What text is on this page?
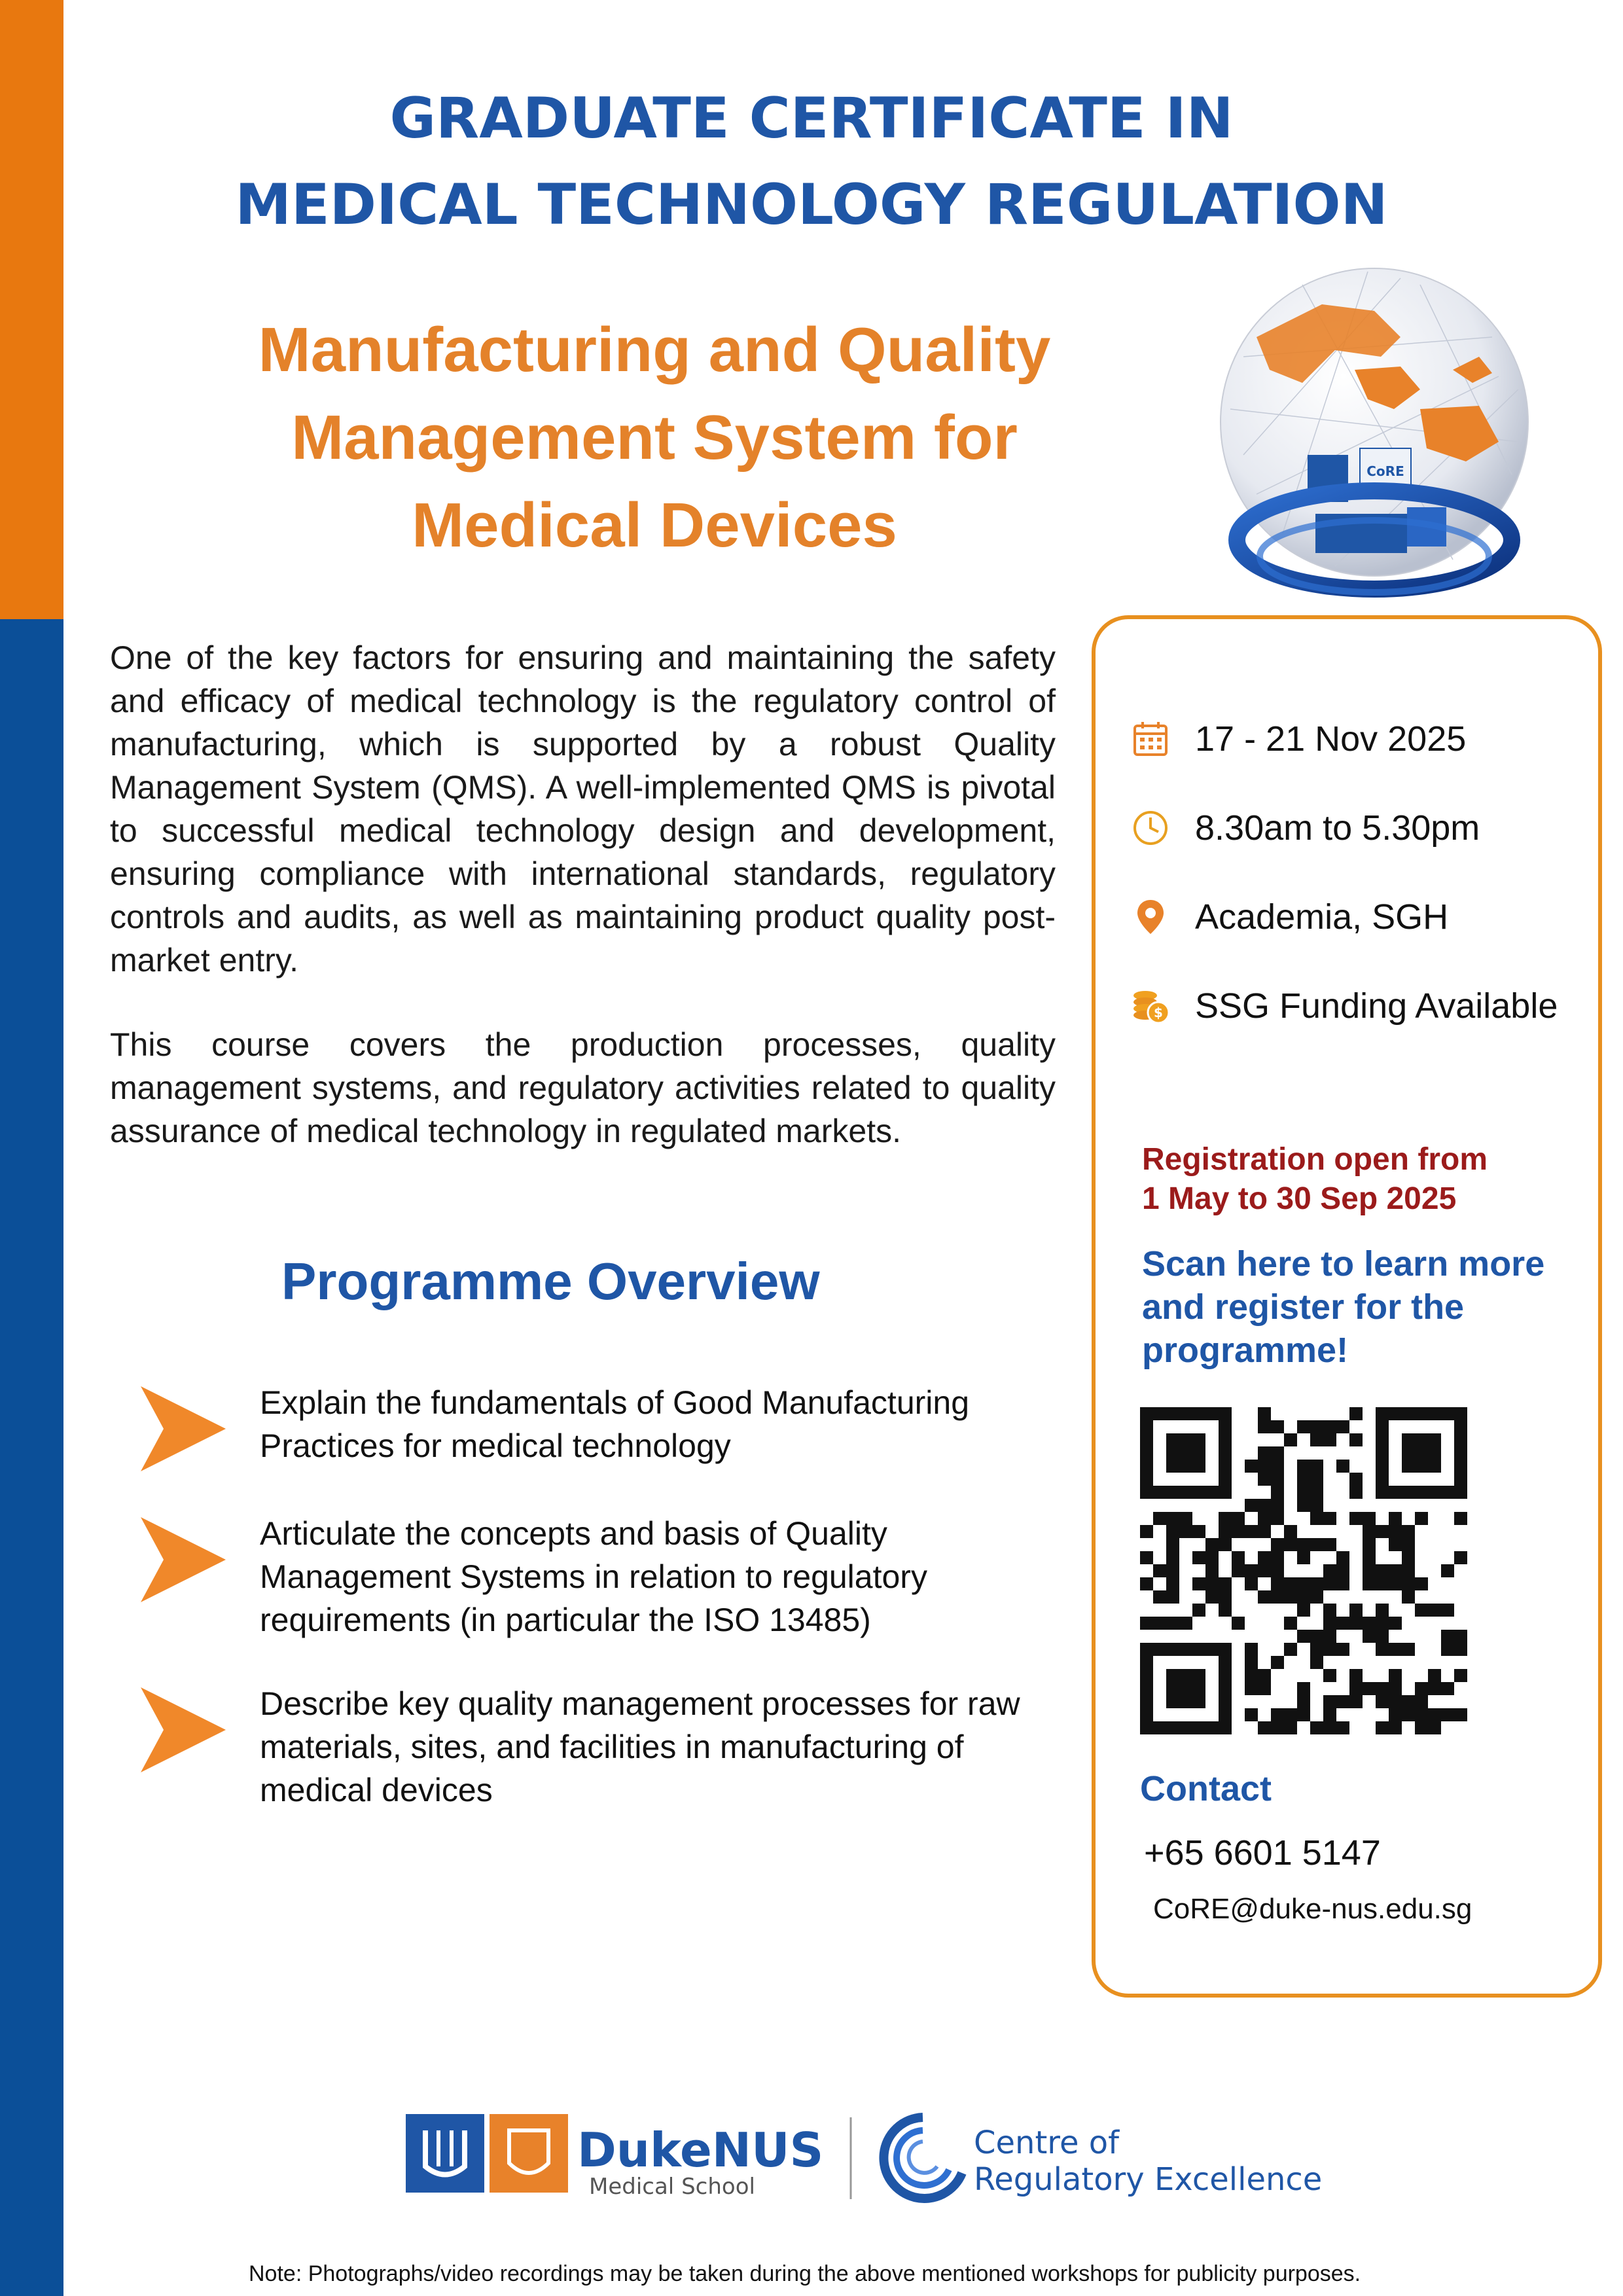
GRADUATE CERTIFICATE IN
MEDICAL TECHNOLOGY REGULATION
Manufacturing and Quality
Management System for
Medical Devices	DukeNUS
CoRE

One of the key factors for ensuring and maintaining the safety and efficacy of medical technology is the regulatory control of manufacturing, which is supported by a robust Quality Management System (QMS). A well-implemented QMS is pivotal to successful medical technology design and development, ensuring compliance with international standards, regulatory controls and audits, as well as maintaining product quality post-market entry.

This course covers the production processes, quality management systems, and regulatory activities related to quality assurance of medical technology in regulated markets.

Programme Overview
Explain the fundamentals of Good Manufacturing Practices for medical technology
Articulate the concepts and basis of Quality Management Systems in relation to regulatory requirements (in particular the ISO 13485)
Describe key quality management processes for raw materials, sites, and facilities in manufacturing of medical devices
17 - 21 Nov 2025
8.30am to 5.30pm
Academia, SGH
$ SSG Funding Available
Registration open from
1 May to 30 Sep 2025
Scan here to learn more and register for the programme!
Contact
+65 6601 5147
CoRE@duke-nus.edu.sg
DukeNUS
Medical School
Centre of
Regulatory Excellence
Note: Photographs/video recordings may be taken during the above mentioned workshops for publicity purposes.
